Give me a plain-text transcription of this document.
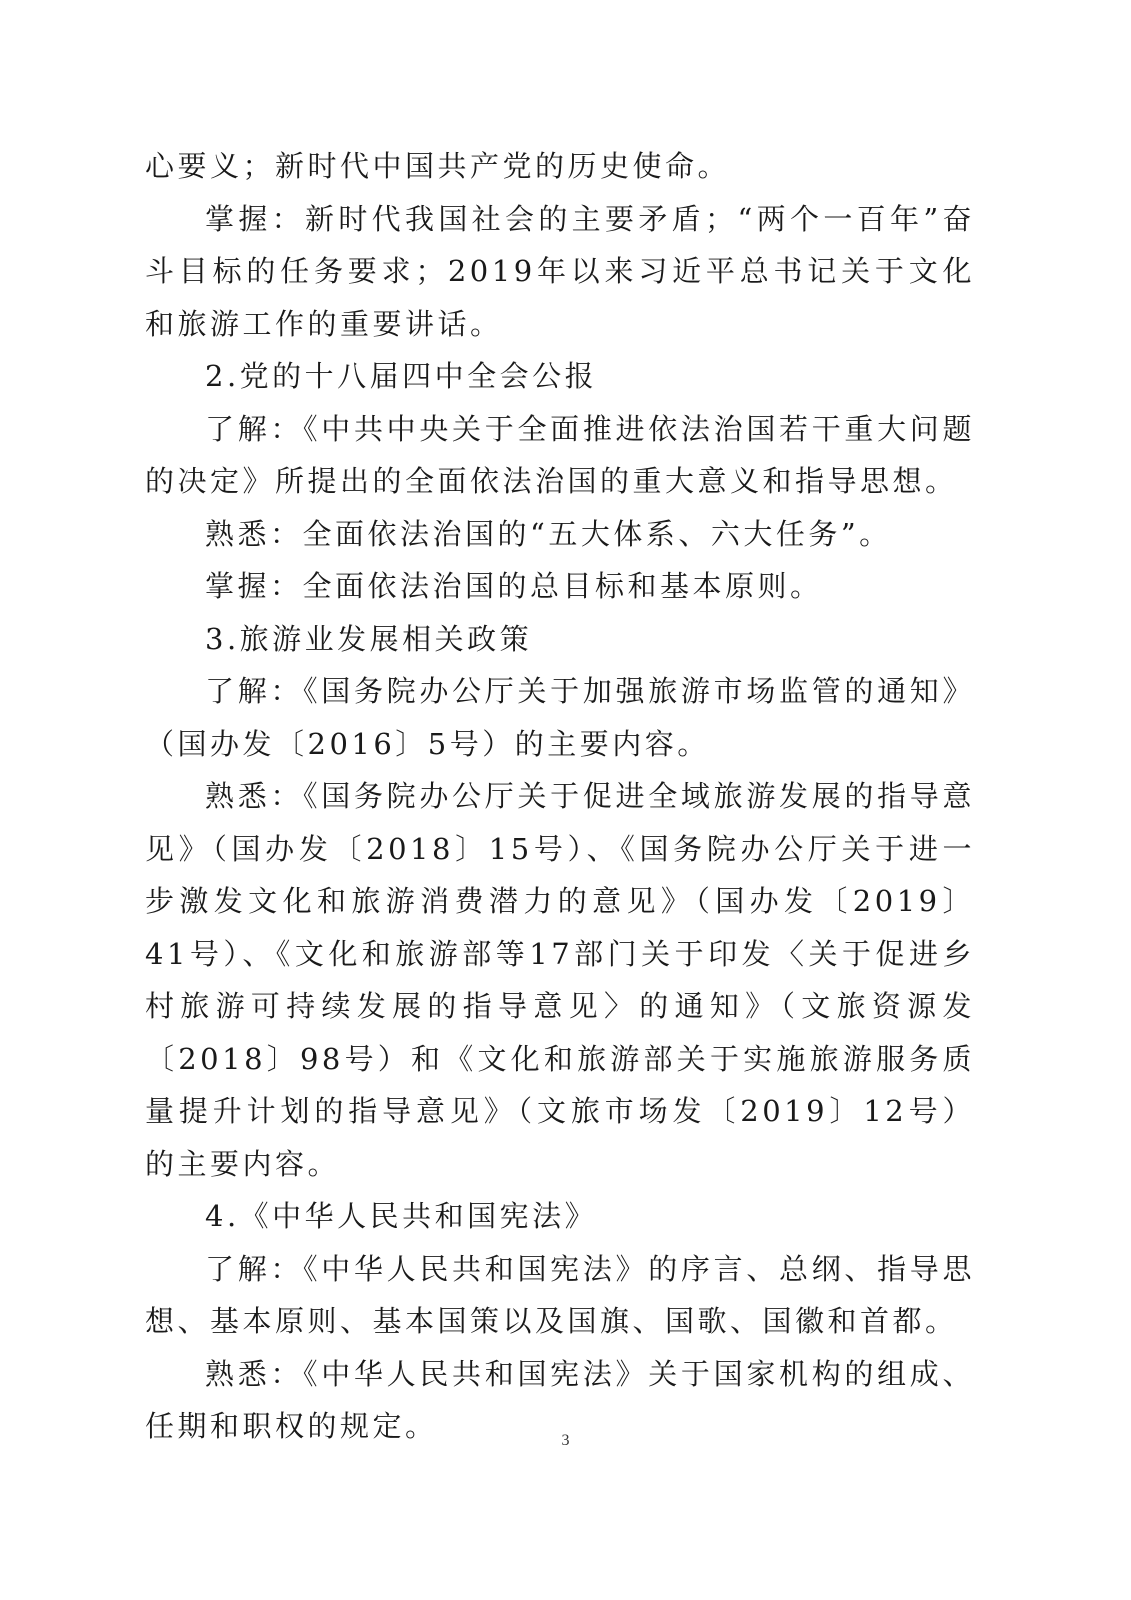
心要义；新时代中国共产党的历史使命。

掌握：新时代我国社会的主要矛盾；“两个一百年”奋斗目标的任务要求；2019年以来习近平总书记关于文化和旅游工作的重要讲话。

2.党的十八届四中全会公报

了解：《中共中央关于全面推进依法治国若干重大问题的决定》所提出的全面依法治国的重大意义和指导思想。

熟悉：全面依法治国的“五大体系、六大任务”。

掌握：全面依法治国的总目标和基本原则。

3.旅游业发展相关政策

了解：《国务院办公厅关于加强旅游市场监管的通知》（国办发〔2016〕5号）的主要内容。

熟悉：《国务院办公厅关于促进全域旅游发展的指导意见》（国办发〔2018〕15号）、《国务院办公厅关于进一步激发文化和旅游消费潜力的意见》（国办发〔2019〕41号）、《文化和旅游部等17部门关于印发〈关于促进乡村旅游可持续发展的指导意见〉的通知》（文旅资源发〔2018〕98号）和《文化和旅游部关于实施旅游服务质量提升计划的指导意见》（文旅市场发〔2019〕12号）的主要内容。

4.《中华人民共和国宪法》

了解：《中华人民共和国宪法》的序言、总纲、指导思想、基本原则、基本国策以及国旗、国歌、国徽和首都。

熟悉：《中华人民共和国宪法》关于国家机构的组成、任期和职权的规定。	3
